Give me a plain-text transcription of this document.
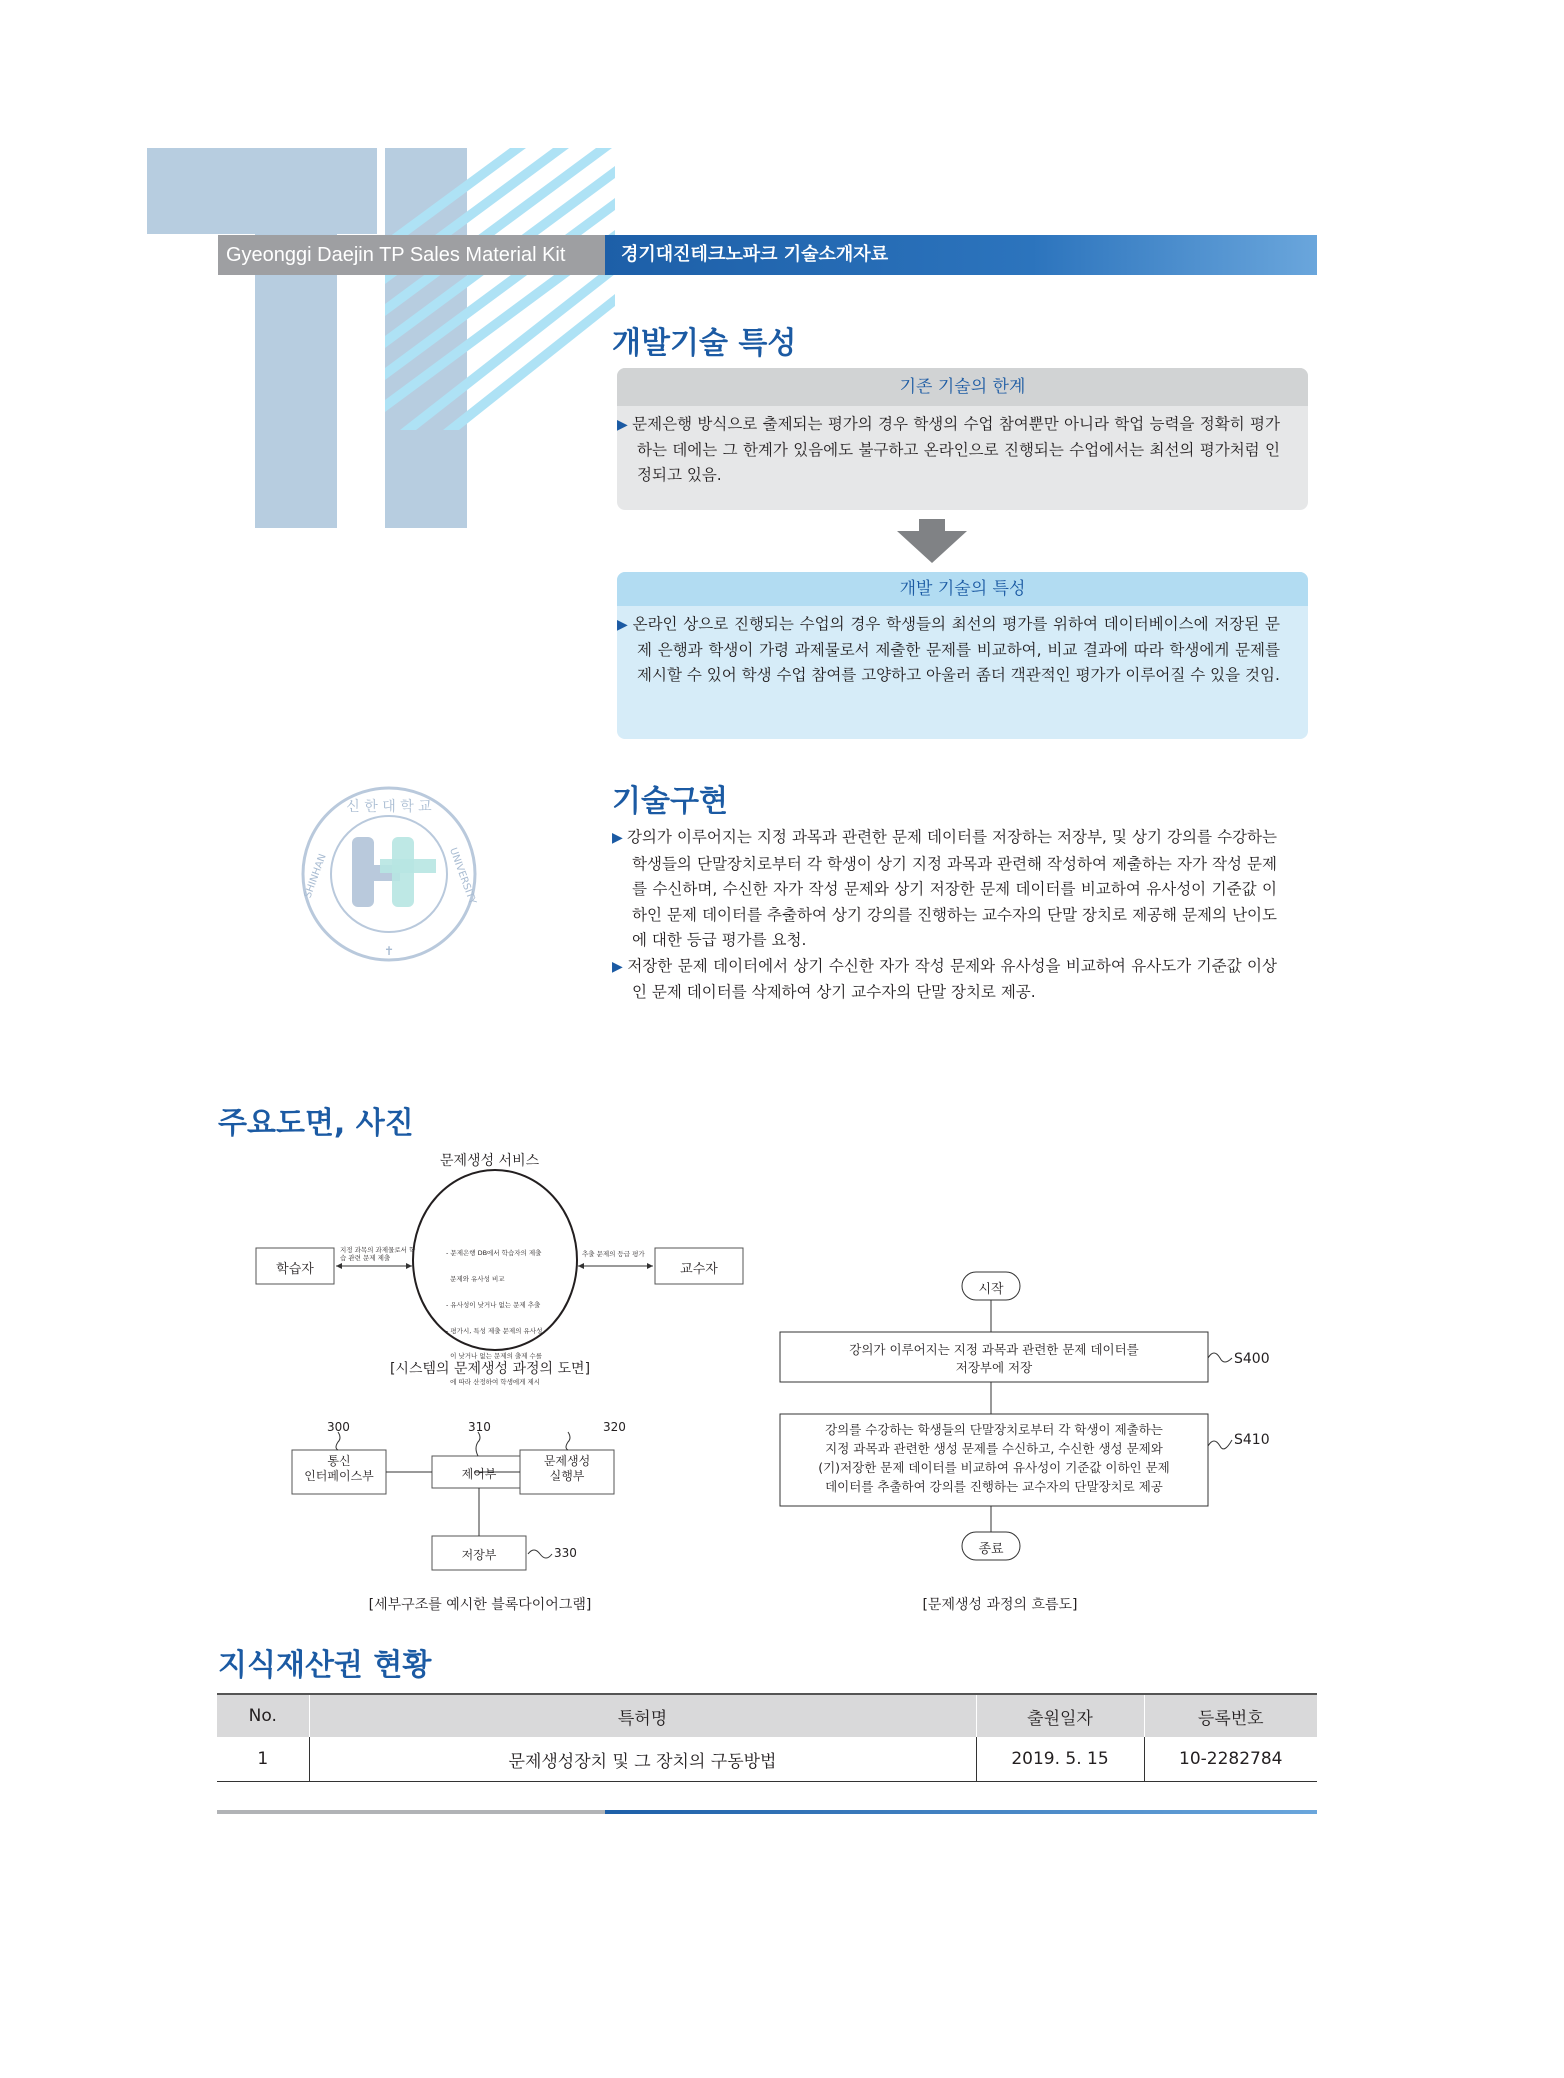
Gyeonggi Daejin TP Sales Material Kit	경기대진테크노파크 기술소개자료
개발기술 특성
기존 기술의 한계
▶ 문제은행 방식으로 출제되는 평가의 경우 학생의 수업 참여뿐만 아니라 학업 능력을 정확히 평가하는 데에는 그 한계가 있음에도 불구하고 온라인으로 진행되는 수업에서는 최선의 평가처럼 인정되고 있음.
개발 기술의 특성
▶ 온라인 상으로 진행되는 수업의 경우 학생들의 최선의 평가를 위하여 데이터베이스에 저장된 문제 은행과 학생이 가령 과제물로서 제출한 문제를 비교하여, 비교 결과에 따라 학생에게 문제를 제시할 수 있어 학생 수업 참여를 고양하고 아울러 좀더 객관적인 평가가 이루어질 수 있을 것임.
신 한 대 학 교
SHINHAN	UNIVERSITY
✝
기술구현
▶ 강의가 이루어지는 지정 과목과 관련한 문제 데이터를 저장하는 저장부, 및 상기 강의를 수강하는 학생들의 단말장치로부터 각 학생이 상기 지정 과목과 관련해 작성하여 제출하는 자가 작성 문제를 수신하며, 수신한 자가 작성 문제와 상기 저장한 문제 데이터를 비교하여 유사성이 기준값 이하인 문제 데이터를 추출하여 상기 강의를 진행하는 교수자의 단말 장치로 제공해 문제의 난이도에 대한 등급 평가를 요청.
▶ 저장한 문제 데이터에서 상기 수신한 자가 작성 문제와 유사성을 비교하여 유사도가 기준값 이상인 문제 데이터를 삭제하여 상기 교수자의 단말 장치로 제공.
주요도면, 사진
문제생성 서비스
학습자	교수자
지정 과목의 과제물로서 학습 관련 문제 제출	추출 문제의 등급 평가

- 문제은행 DB에서 학습자의 제출

문제와 유사성 비교

- 유사성이 낮거나 없는 문제 추출

- 평가시, 특성 제출 문제의 유사성

이 낮거나 없는 문제의 출제 수를

에 따라 산정하여 학생에게 제시

[시스템의 문제생성 과정의 도면]
300	310	320
통신
인터페이스부	제어부
문제생성
실행부
저장부	330
[세부구조를 예시한 블록다이어그램]
시작
S400
강의가 이루어지는 지정 과목과 관련한 문제 데이터를
저장부에 저장
S410
강의를 수강하는 학생들의 단말장치로부터 각 학생이 제출하는
지정 과목과 관련한 생성 문제를 수신하고, 수신한 생성 문제와
(기)저장한 문제 데이터를 비교하여 유사성이 기준값 이하인 문제
데이터를 추출하여 강의를 진행하는 교수자의 단말장치로 제공
종료
[문제생성 과정의 흐름도]
지식재산권 현황
No.	특허명	출원일자	등록번호
1	문제생성장치 및 그 장치의 구동방법	2019. 5. 15	10-2282784
